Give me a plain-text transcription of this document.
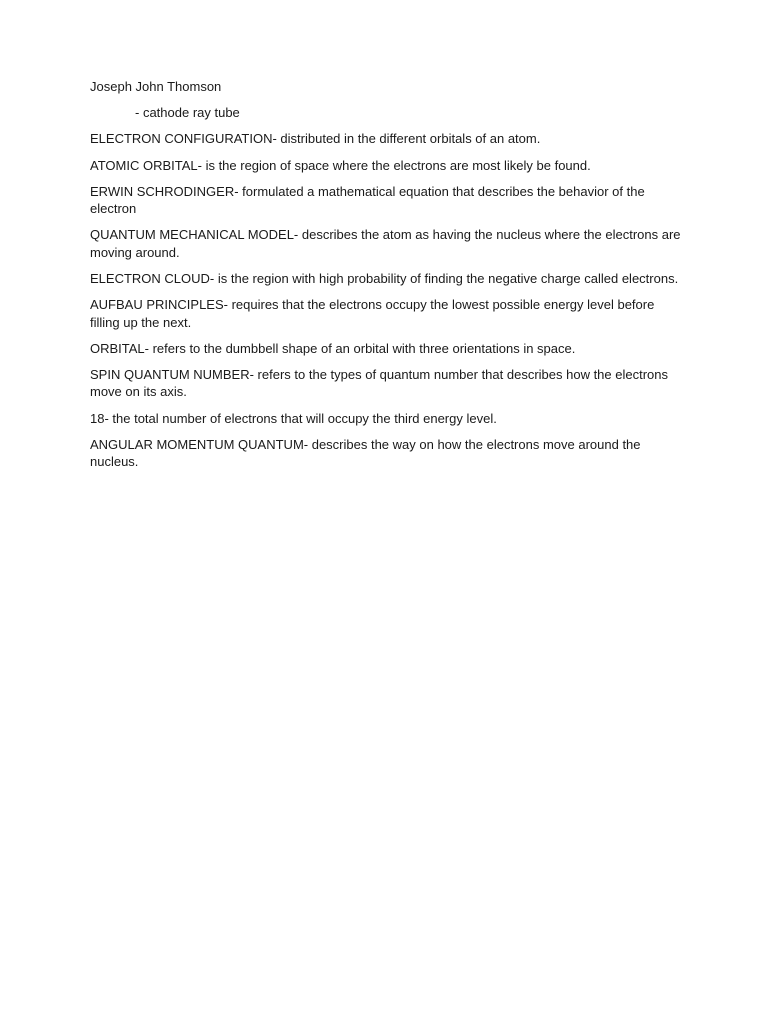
Joseph John Thomson

- cathode ray tube

ELECTRON CONFIGURATION- distributed in the different orbitals of an atom.

ATOMIC ORBITAL- is the region of space where the electrons are most likely be found.

ERWIN SCHRODINGER- formulated a mathematical equation that describes the behavior of the electron

QUANTUM MECHANICAL MODEL- describes the atom as having the nucleus where the electrons are moving around.

ELECTRON CLOUD- is the region with high probability of finding the negative charge called electrons.

AUFBAU PRINCIPLES- requires that the electrons occupy the lowest possible energy level before filling up the next.

ORBITAL- refers to the dumbbell shape of an orbital with three orientations in space.

SPIN QUANTUM NUMBER- refers to the types of quantum number that describes how the electrons move on its axis.

18- the total number of electrons that will occupy the third energy level.

ANGULAR MOMENTUM QUANTUM- describes the way on how the electrons move around the nucleus.
